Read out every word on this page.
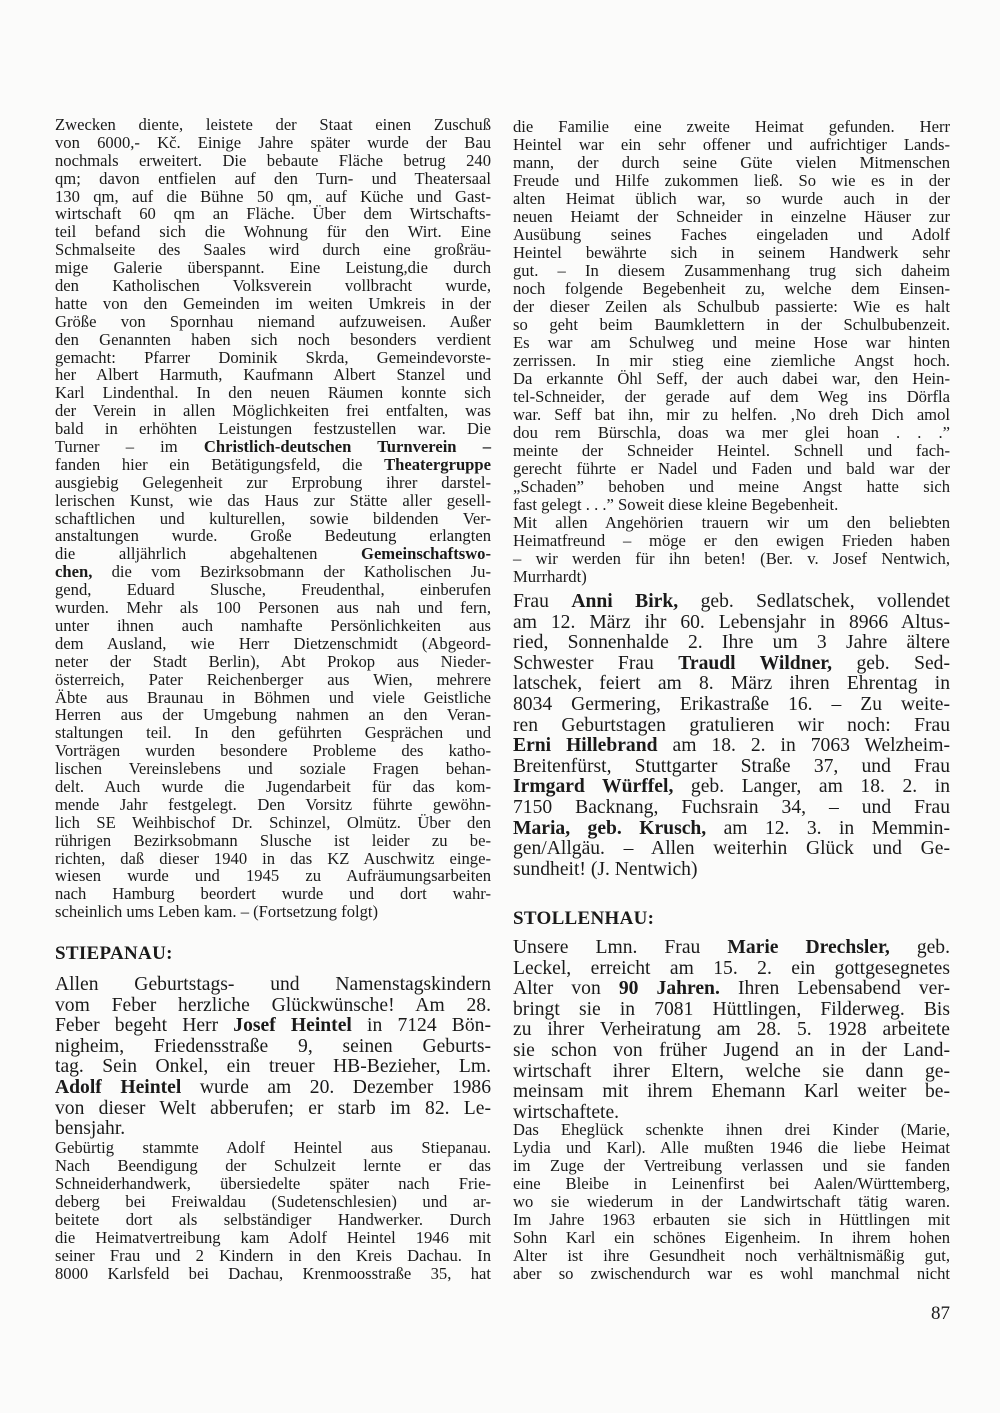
Zwecken diente, leistete der Staat einen Zuschuß
von 6000,- Kč. Einige Jahre später wurde der Bau
nochmals erweitert. Die bebaute Fläche betrug 240
qm; davon entfielen auf den Turn- und Theatersaal
130 qm, auf die Bühne 50 qm, auf Küche und Gast-
wirtschaft 60 qm an Fläche. Über dem Wirtschafts-
teil befand sich die Wohnung für den Wirt. Eine
Schmalseite des Saales wird durch eine großräu-
mige Galerie überspannt. Eine Leistung,die durch
den Katholischen Volksverein vollbracht wurde,
hatte von den Gemeinden im weiten Umkreis in der
Größe von Spornhau niemand aufzuweisen. Außer
den Genannten haben sich noch besonders verdient
gemacht: Pfarrer Dominik Skrda, Gemeindevorste-
her Albert Harmuth, Kaufmann Albert Stanzel und
Karl Lindenthal. In den neuen Räumen konnte sich
der Verein in allen Möglichkeiten frei entfalten, was
bald in erhöhten Leistungen festzustellen war. Die
Turner – im Christlich-deutschen Turnverein –
fanden hier ein Betätigungsfeld, die Theatergruppe
ausgiebig Gelegenheit zur Erprobung ihrer darstel-
lerischen Kunst, wie das Haus zur Stätte aller gesell-
schaftlichen und kulturellen, sowie bildenden Ver-
anstaltungen wurde. Große Bedeutung erlangten
die alljährlich abgehaltenen Gemeinschaftswo-
chen, die vom Bezirksobmann der Katholischen Ju-
gend, Eduard Slusche, Freudenthal, einberufen
wurden. Mehr als 100 Personen aus nah und fern,
unter ihnen auch namhafte Persönlichkeiten aus
dem Ausland, wie Herr Dietzenschmidt (Abgeord-
neter der Stadt Berlin), Abt Prokop aus Nieder-
österreich, Pater Reichenberger aus Wien, mehrere
Äbte aus Braunau in Böhmen und viele Geistliche
Herren aus der Umgebung nahmen an den Veran-
staltungen teil. In den geführten Gesprächen und
Vorträgen wurden besondere Probleme des katho-
lischen Vereinslebens und soziale Fragen behan-
delt. Auch wurde die Jugendarbeit für das kom-
mende Jahr festgelegt. Den Vorsitz führte gewöhn-
lich SE Weihbischof Dr. Schinzel, Olmütz. Über den
rührigen Bezirksobmann Slusche ist leider zu be-
richten, daß dieser 1940 in das KZ Auschwitz einge-
wiesen wurde und 1945 zu Aufräumungsarbeiten
nach Hamburg beordert wurde und dort wahr-
scheinlich ums Leben kam. – (Fortsetzung folgt)
STIEPANAU:
Allen Geburtstags- und Namenstagskindern
vom Feber herzliche Glückwünsche! Am 28.
Feber begeht Herr Josef Heintel in 7124 Bön-
nigheim, Friedensstraße 9, seinen Geburts-
tag. Sein Onkel, ein treuer HB-Bezieher, Lm.
Adolf Heintel wurde am 20. Dezember 1986
von dieser Welt abberufen; er starb im 82. Le-
bensjahr.
Gebürtig stammte Adolf Heintel aus Stiepanau.
Nach Beendigung der Schulzeit lernte er das
Schneiderhandwerk, übersiedelte später nach Frie-
deberg bei Freiwaldau (Sudetenschlesien) und ar-
beitete dort als selbständiger Handwerker. Durch
die Heimatvertreibung kam Adolf Heintel 1946 mit
seiner Frau und 2 Kindern in den Kreis Dachau. In
8000 Karlsfeld bei Dachau, Krenmoosstraße 35, hat
die Familie eine zweite Heimat gefunden. Herr
Heintel war ein sehr offener und aufrichtiger Lands-
mann, der durch seine Güte vielen Mitmenschen
Freude und Hilfe zukommen ließ. So wie es in der
alten Heimat üblich war, so wurde auch in der
neuen Heiamt der Schneider in einzelne Häuser zur
Ausübung seines Faches eingeladen und Adolf
Heintel bewährte sich in seinem Handwerk sehr
gut. – In diesem Zusammenhang trug sich daheim
noch folgende Begebenheit zu, welche dem Einsen-
der dieser Zeilen als Schulbub passierte: Wie es halt
so geht beim Baumklettern in der Schulbubenzeit.
Es war am Schulweg und meine Hose war hinten
zerrissen. In mir stieg eine ziemliche Angst hoch.
Da erkannte Öhl Seff, der auch dabei war, den Hein-
tel-Schneider, der gerade auf dem Weg ins Dörfla
war. Seff bat ihn, mir zu helfen. ‚No dreh Dich amol
dou rem Bürschla, doas wa mer glei hoan . . .”
meinte der Schneider Heintel. Schnell und fach-
gerecht führte er Nadel und Faden und bald war der
„Schaden” behoben und meine Angst hatte sich
fast gelegt . . .” Soweit diese kleine Begebenheit.
Mit allen Angehörien trauern wir um den beliebten
Heimatfreund – möge er den ewigen Frieden haben
– wir werden für ihn beten! (Ber. v. Josef Nentwich,
Murrhardt)
Frau Anni Birk, geb. Sedlatschek, vollendet
am 12. März ihr 60. Lebensjahr in 8966 Altus-
ried, Sonnenhalde 2. Ihre um 3 Jahre ältere
Schwester Frau Traudl Wildner, geb. Sed-
latschek, feiert am 8. März ihren Ehrentag in
8034 Germering, Erikastraße 16. – Zu weite-
ren Geburtstagen gratulieren wir noch: Frau
Erni Hillebrand am 18. 2. in 7063 Welzheim-
Breitenfürst, Stuttgarter Straße 37, und Frau
Irmgard Würffel, geb. Langer, am 18. 2. in
7150 Backnang, Fuchsrain 34, – und Frau
Maria, geb. Krusch, am 12. 3. in Memmin-
gen/Allgäu. – Allen weiterhin Glück und Ge-
sundheit! (J. Nentwich)
STOLLENHAU:
Unsere Lmn. Frau Marie Drechsler, geb.
Leckel, erreicht am 15. 2. ein gottgesegnetes
Alter von 90 Jahren. Ihren Lebensabend ver-
bringt sie in 7081 Hüttlingen, Filderweg. Bis
zu ihrer Verheiratung am 28. 5. 1928 arbeitete
sie schon von früher Jugend an in der Land-
wirtschaft ihrer Eltern, welche sie dann ge-
meinsam mit ihrem Ehemann Karl weiter be-
wirtschaftete.
Das Eheglück schenkte ihnen drei Kinder (Marie,
Lydia und Karl). Alle mußten 1946 die liebe Heimat
im Zuge der Vertreibung verlassen und sie fanden
eine Bleibe in Leinenfirst bei Aalen/Württemberg,
wo sie wiederum in der Landwirtschaft tätig waren.
Im Jahre 1963 erbauten sie sich in Hüttlingen mit
Sohn Karl ein schönes Eigenheim. In ihrem hohen
Alter ist ihre Gesundheit noch verhältnismäßig gut,
aber so zwischendurch war es wohl manchmal nicht
87
